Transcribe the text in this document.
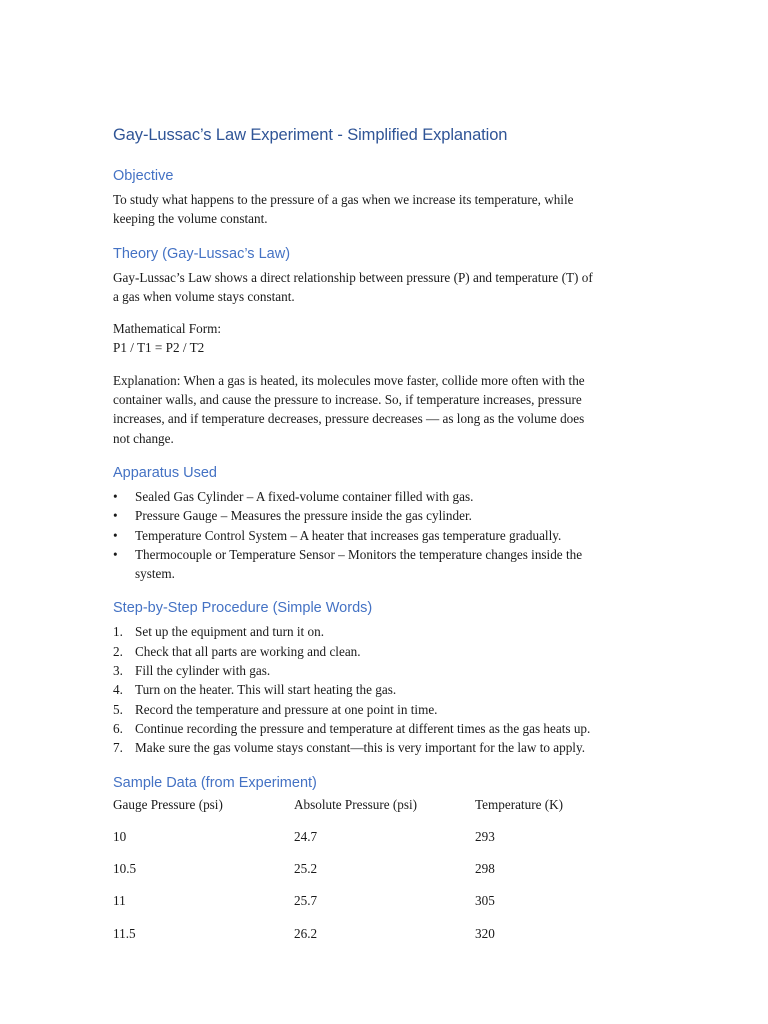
Gay-Lussac’s Law Experiment - Simplified Explanation
Objective

To study what happens to the pressure of a gas when we increase its temperature, while
keeping the volume constant.

Theory (Gay-Lussac’s Law)

Gay-Lussac’s Law shows a direct relationship between pressure (P) and temperature (T) of
a gas when volume stays constant.

Mathematical Form:
P1 / T1 = P2 / T2

Explanation: When a gas is heated, its molecules move faster, collide more often with the
container walls, and cause the pressure to increase. So, if temperature increases, pressure
increases, and if temperature decreases, pressure decreases — as long as the volume does
not change.

Apparatus Used
• Sealed Gas Cylinder – A fixed-volume container filled with gas.
• Pressure Gauge – Measures the pressure inside the gas cylinder.
• Temperature Control System – A heater that increases gas temperature gradually.
• Thermocouple or Temperature Sensor – Monitors the temperature changes inside the
system.
Step-by-Step Procedure (Simple Words)
1. Set up the equipment and turn it on.
2. Check that all parts are working and clean.
3. Fill the cylinder with gas.
4. Turn on the heater. This will start heating the gas.
5. Record the temperature and pressure at one point in time.
6. Continue recording the pressure and temperature at different times as the gas heats up.
7. Make sure the gas volume stays constant—this is very important for the law to apply.
Sample Data (from Experiment)
Gauge Pressure (psi)	Absolute Pressure (psi)	Temperature (K)
10	24.7	293
10.5	25.2	298
11	25.7	305
11.5	26.2	320
